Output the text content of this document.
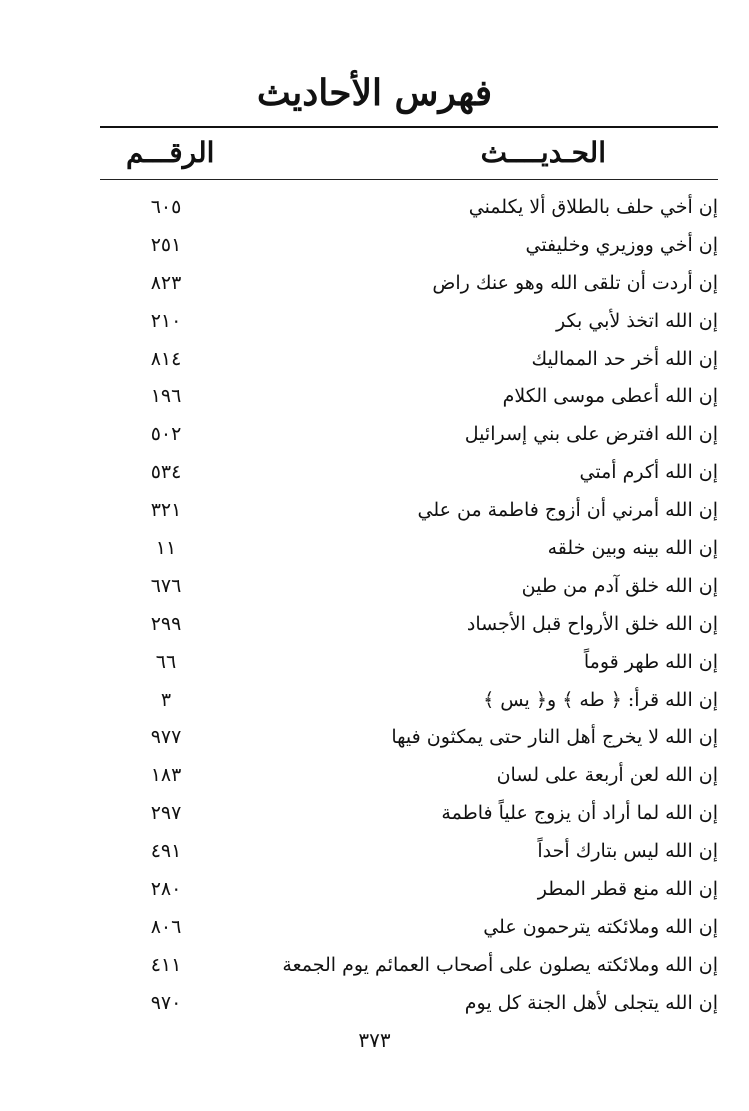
فهرس الأحاديث
الحـديــــث
الرقـــم
إن أخي حلف بالطلاق ألا يكلمني
٦٠٥
إن أخي ووزيري وخليفتي
٢٥١
إن أردت أن تلقى الله وهو عنك راض
٨٢٣
إن الله اتخذ لأبي بكر
٢١٠
إن الله أخر حد المماليك
٨١٤
إن الله أعطى موسى الكلام
١٩٦
إن الله افترض على بني إسرائيل
٥٠٢
إن الله أكرم أمتي
٥٣٤
إن الله أمرني أن أزوج فاطمة من علي
٣٢١
إن الله بينه وبين خلقه
١١
إن الله خلق آدم من طين
٦٧٦
إن الله خلق الأرواح قبل الأجساد
٢٩٩
إن الله طهر قوماً
٦٦
إن الله قرأ: ﴿ طه ﴾ و﴿ يس ﴾
٣
إن الله لا يخرج أهل النار حتى يمكثون فيها
٩٧٧
إن الله لعن أربعة على لسان
١٨٣
إن الله لما أراد أن يزوج علياً فاطمة
٢٩٧
إن الله ليس بتارك أحداً
٤٩١
إن الله منع قطر المطر
٢٨٠
إن الله وملائكته يترحمون علي
٨٠٦
إن الله وملائكته يصلون على أصحاب العمائم يوم الجمعة
٤١١
إن الله يتجلى لأهل الجنة كل يوم
٩٧٠
٣٧٣
